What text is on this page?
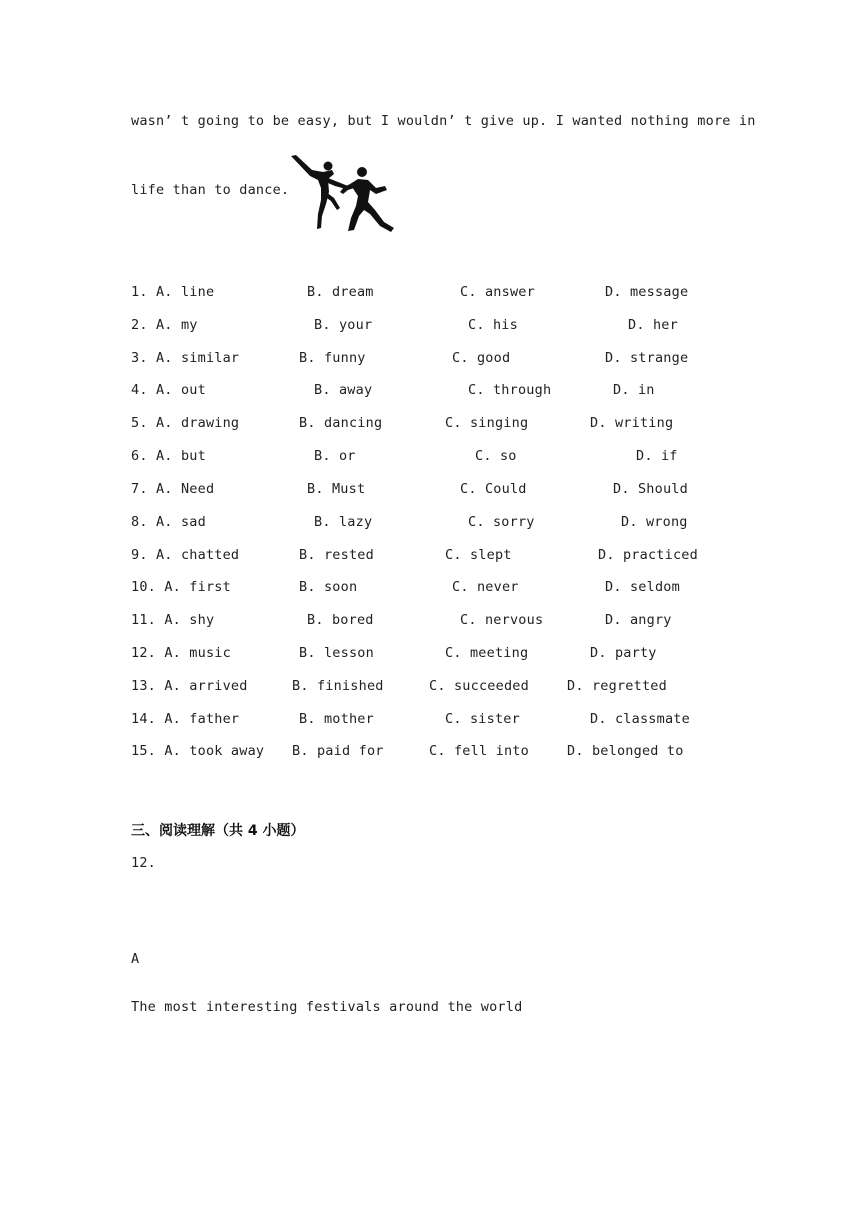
wasn’ t going to be easy, but I wouldn’ t give up. I wanted nothing more in
life than to dance.
1. A. line	B. dream	C. answer	D. message
2. A. my	B. your	C. his	D. her
3. A. similar	B. funny	C. good	D. strange
4. A. out	B. away	C. through	D. in
5. A. drawing	B. dancing	C. singing	D. writing
6. A. but	B. or	C. so	D. if
7. A. Need	B. Must	C. Could	D. Should
8. A. sad	B. lazy	C. sorry	D. wrong
9. A. chatted	B. rested	C. slept	D. practiced
10. A. first	B. soon	C. never	D. seldom
11. A. shy	B. bored	C. nervous	D. angry
12. A. music	B. lesson	C. meeting	D. party
13. A. arrived	B. finished	C. succeeded	D. regretted
14. A. father	B. mother	C. sister	D. classmate
15. A. took away B. paid for	C. fell into	D. belonged to
三、阅读理解（共 4 小题）
12.
A
The most interesting festivals around the world
